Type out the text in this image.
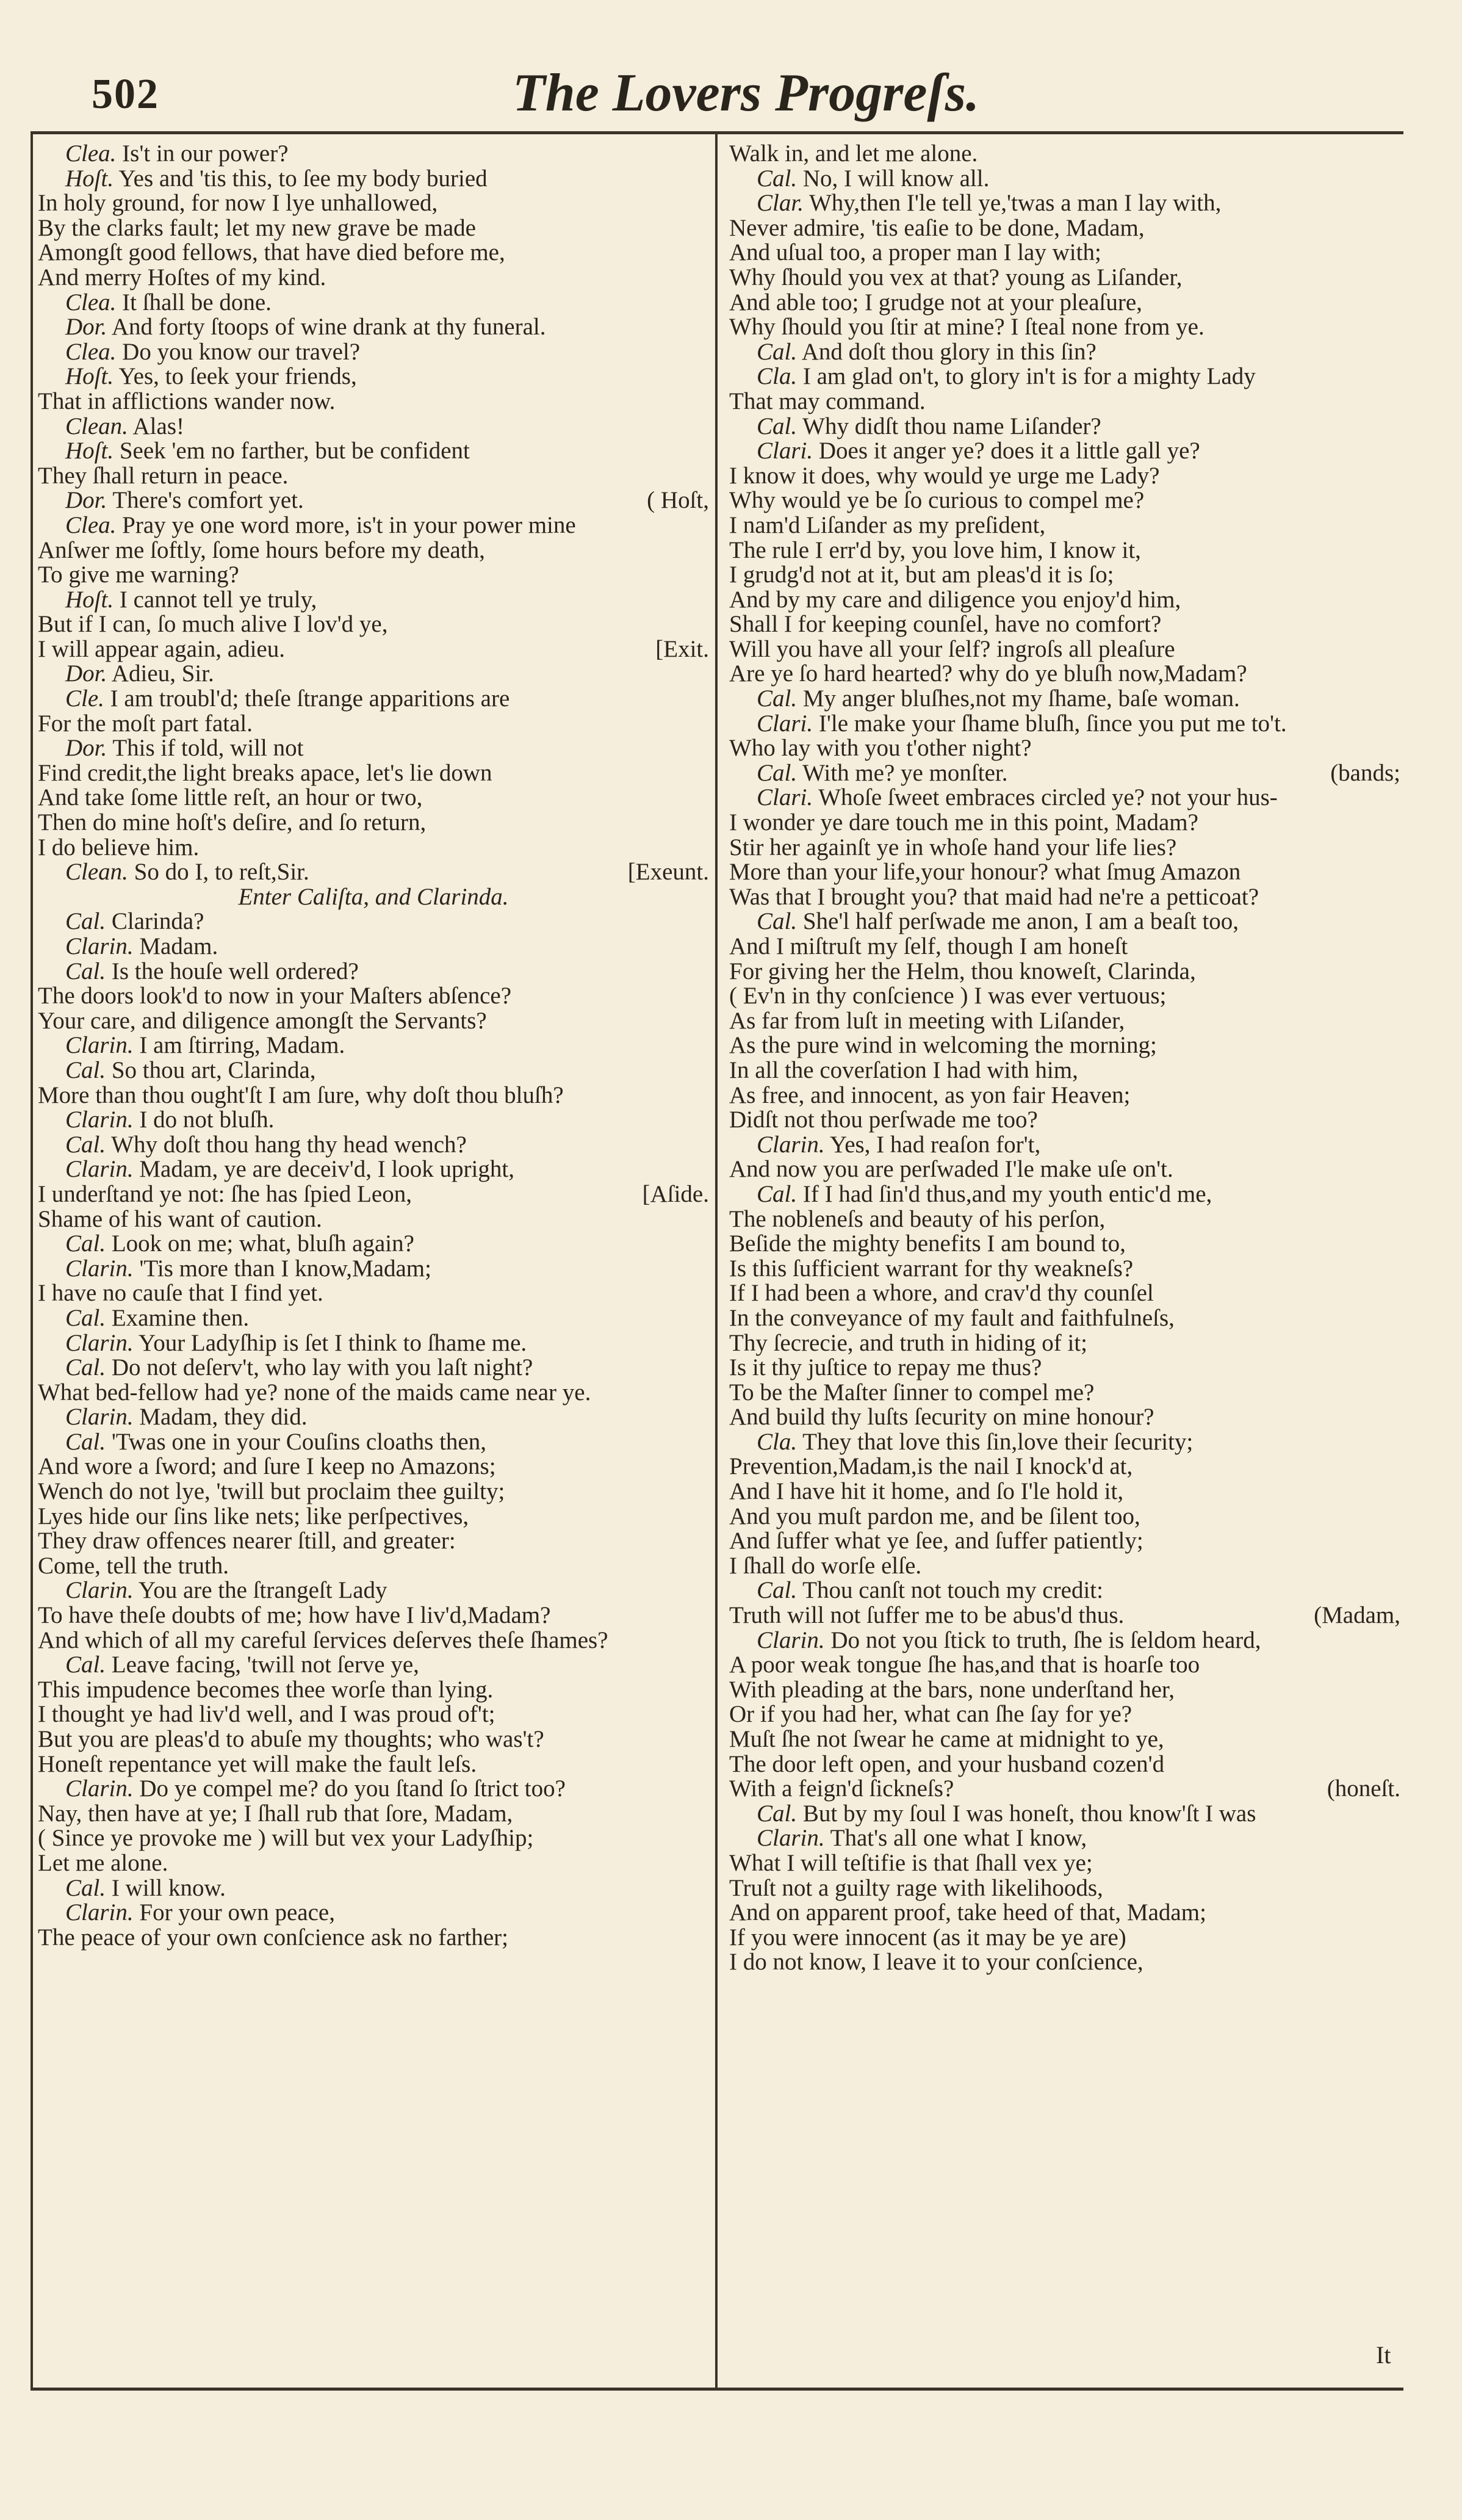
502	The Lovers Progreſs.
Clea. Is't in our power?
Hoſt. Yes and 'tis this, to ſee my body buried
In holy ground, for now I lye unhallowed,
By the clarks fault; let my new grave be made
Amongſt good fellows, that have died before me,
And merry Hoſtes of my kind.
Clea. It ſhall be done.
Dor. And forty ſtoops of wine drank at thy funeral.
Clea. Do you know our travel?
Hoſt. Yes, to ſeek your friends,
That in afflictions wander now.
Clean. Alas!
Hoſt. Seek 'em no farther, but be confident
They ſhall return in peace.
Dor. There's comfort yet.	( Hoſt,
Clea. Pray ye one word more, is't in your power mine
Anſwer me ſoftly, ſome hours before my death,
To give me warning?
Hoſt. I cannot tell ye truly,
But if I can, ſo much alive I lov'd ye,
I will appear again, adieu.	[Exit.
Dor. Adieu, Sir.
Cle. I am troubl'd; theſe ſtrange apparitions are
For the moſt part fatal.
Dor. This if told, will not
Find credit,the light breaks apace, let's lie down
And take ſome little reſt, an hour or two,
Then do mine hoſt's deſire, and ſo return,
I do believe him.
Clean. So do I, to reſt,Sir.	[Exeunt.
Enter Caliſta, and Clarinda.
Cal. Clarinda?
Clarin. Madam.
Cal. Is the houſe well ordered?
The doors look'd to now in your Maſters abſence?
Your care, and diligence amongſt the Servants?
Clarin. I am ſtirring, Madam.
Cal. So thou art, Clarinda,
More than thou ought'ſt I am ſure, why doſt thou bluſh?
Clarin. I do not bluſh.
Cal. Why doſt thou hang thy head wench?
Clarin. Madam, ye are deceiv'd, I look upright,
I underſtand ye not: ſhe has ſpied Leon,	[Aſide.
Shame of his want of caution.
Cal. Look on me; what, bluſh again?
Clarin. 'Tis more than I know,Madam;
I have no cauſe that I find yet.
Cal. Examine then.
Clarin. Your Ladyſhip is ſet I think to ſhame me.
Cal. Do not deſerv't, who lay with you laſt night?
What bed-fellow had ye? none of the maids came near ye.
Clarin. Madam, they did.
Cal. 'Twas one in your Couſins cloaths then,
And wore a ſword; and ſure I keep no Amazons;
Wench do not lye, 'twill but proclaim thee guilty;
Lyes hide our ſins like nets; like perſpectives,
They draw offences nearer ſtill, and greater:
Come, tell the truth.
Clarin. You are the ſtrangeſt Lady
To have theſe doubts of me; how have I liv'd,Madam?
And which of all my careful ſervices deſerves theſe ſhames?
Cal. Leave facing, 'twill not ſerve ye,
This impudence becomes thee worſe than lying.
I thought ye had liv'd well, and I was proud of't;
But you are pleas'd to abuſe my thoughts; who was't?
Honeſt repentance yet will make the fault leſs.
Clarin. Do ye compel me? do you ſtand ſo ſtrict too?
Nay, then have at ye; I ſhall rub that ſore, Madam,
( Since ye provoke me ) will but vex your Ladyſhip;
Let me alone.
Cal. I will know.
Clarin. For your own peace,
The peace of your own conſcience ask no farther;
Walk in, and let me alone.
Cal. No, I will know all.
Clar. Why,then I'le tell ye,'twas a man I lay with,
Never admire, 'tis eaſie to be done, Madam,
And uſual too, a proper man I lay with;
Why ſhould you vex at that? young as Liſander,
And able too; I grudge not at your pleaſure,
Why ſhould you ſtir at mine? I ſteal none from ye.
Cal. And doſt thou glory in this ſin?
Cla. I am glad on't, to glory in't is for a mighty Lady
That may command.
Cal. Why didſt thou name Liſander?
Clari. Does it anger ye? does it a little gall ye?
I know it does, why would ye urge me Lady?
Why would ye be ſo curious to compel me?
I nam'd Liſander as my preſident,
The rule I err'd by, you love him, I know it,
I grudg'd not at it, but am pleas'd it is ſo;
And by my care and diligence you enjoy'd him,
Shall I for keeping counſel, have no comfort?
Will you have all your ſelf? ingroſs all pleaſure
Are ye ſo hard hearted? why do ye bluſh now,Madam?
Cal. My anger bluſhes,not my ſhame, baſe woman.
Clari. I'le make your ſhame bluſh, ſince you put me to't.
Who lay with you t'other night?
Cal. With me? ye monſter.	(bands;
Clari. Whoſe ſweet embraces circled ye? not your hus-
I wonder ye dare touch me in this point, Madam?
Stir her againſt ye in whoſe hand your life lies?
More than your life,your honour? what ſmug Amazon
Was that I brought you? that maid had ne're a petticoat?
Cal. She'l half perſwade me anon, I am a beaſt too,
And I miſtruſt my ſelf, though I am honeſt
For giving her the Helm, thou knoweſt, Clarinda,
( Ev'n in thy conſcience ) I was ever vertuous;
As far from luſt in meeting with Liſander,
As the pure wind in welcoming the morning;
In all the coverſation I had with him,
As free, and innocent, as yon fair Heaven;
Didſt not thou perſwade me too?
Clarin. Yes, I had reaſon for't,
And now you are perſwaded I'le make uſe on't.
Cal. If I had ſin'd thus,and my youth entic'd me,
The nobleneſs and beauty of his perſon,
Beſide the mighty benefits I am bound to,
Is this ſufficient warrant for thy weakneſs?
If I had been a whore, and crav'd thy counſel
In the conveyance of my fault and faithfulneſs,
Thy ſecrecie, and truth in hiding of it;
Is it thy juſtice to repay me thus?
To be the Maſter ſinner to compel me?
And build thy luſts ſecurity on mine honour?
Cla. They that love this ſin,love their ſecurity;
Prevention,Madam,is the nail I knock'd at,
And I have hit it home, and ſo I'le hold it,
And you muſt pardon me, and be ſilent too,
And ſuffer what ye ſee, and ſuffer patiently;
I ſhall do worſe elſe.
Cal. Thou canſt not touch my credit:
Truth will not ſuffer me to be abus'd thus.	(Madam,
Clarin. Do not you ſtick to truth, ſhe is ſeldom heard,
A poor weak tongue ſhe has,and that is hoarſe too
With pleading at the bars, none underſtand her,
Or if you had her, what can ſhe ſay for ye?
Muſt ſhe not ſwear he came at midnight to ye,
The door left open, and your husband cozen'd
With a feign'd ſickneſs?	(honeſt.
Cal. But by my ſoul I was honeſt, thou know'ſt I was
Clarin. That's all one what I know,
What I will teſtifie is that ſhall vex ye;
Truſt not a guilty rage with likelihoods,
And on apparent proof, take heed of that, Madam;
If you were innocent (as it may be ye are)
I do not know, I leave it to your conſcience,
It
